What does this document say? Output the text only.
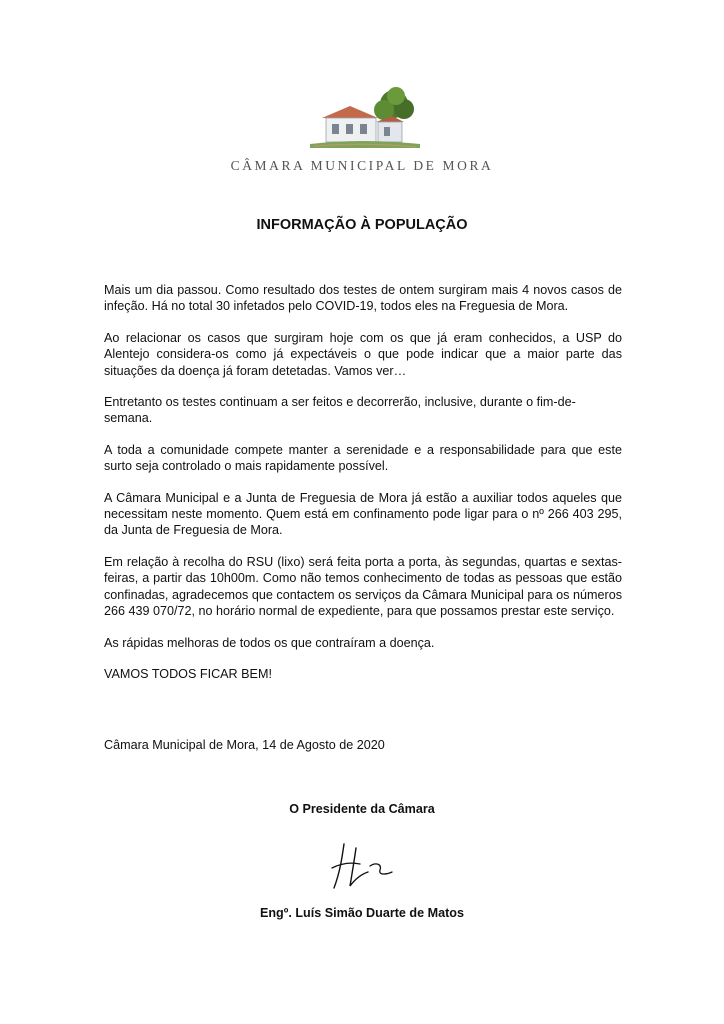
CÂMARA MUNICIPAL DE MORA
INFORMAÇÃO À POPULAÇÃO

Mais um dia passou. Como resultado dos testes de ontem surgiram mais 4 novos casos de infeção. Há no total 30 infetados pelo COVID-19, todos eles na Freguesia de Mora.

Ao relacionar os casos que surgiram hoje com os que já eram conhecidos, a USP do Alentejo considera-os como já expectáveis o que pode indicar que a maior parte das situações da doença já foram detetadas. Vamos ver…

Entretanto os testes continuam a ser feitos e decorrerão, inclusive, durante o fim-de-semana.

A toda a comunidade compete manter a serenidade e a responsabilidade para que este surto seja controlado o mais rapidamente possível.

A Câmara Municipal e a Junta de Freguesia de Mora já estão a auxiliar todos aqueles que necessitam neste momento. Quem está em confinamento pode ligar para o nº 266 403 295, da Junta de Freguesia de Mora.

Em relação à recolha do RSU (lixo) será feita porta a porta, às segundas, quartas e sextas-feiras, a partir das 10h00m. Como não temos conhecimento de todas as pessoas que estão confinadas, agradecemos que contactem os serviços da Câmara Municipal para os números 266 439 070/72, no horário normal de expediente, para que possamos prestar este serviço.

As rápidas melhoras de todos os que contraíram a doença.

VAMOS TODOS FICAR BEM!

Câmara Municipal de Mora, 14 de Agosto de 2020
O Presidente da Câmara
Engº. Luís Simão Duarte de Matos
